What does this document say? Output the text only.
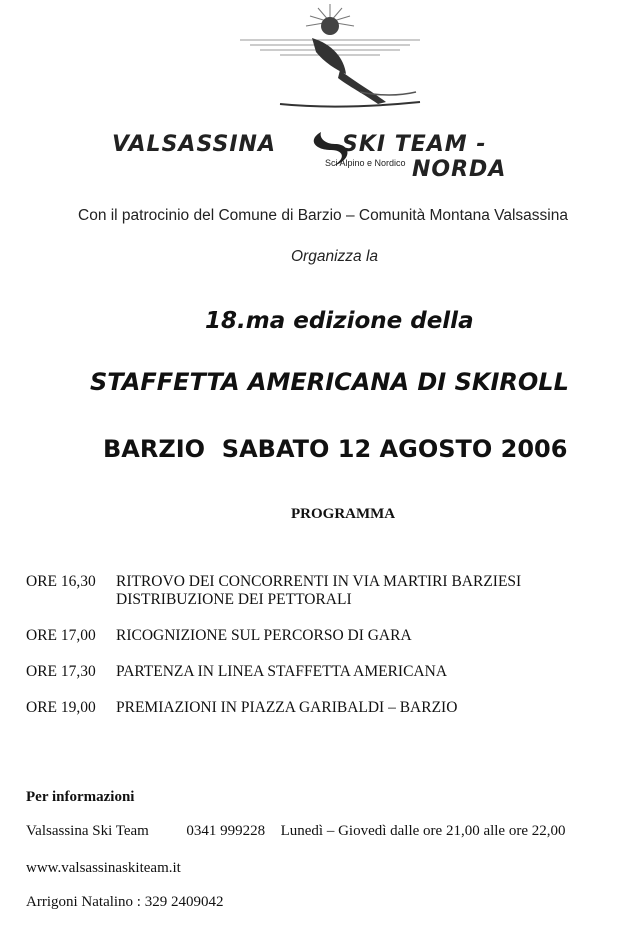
VALSASSINA	SKI TEAM - NORDA
Sci Alpino e Nordico
Con il patrocinio del Comune di Barzio – Comunità Montana Valsassina
Organizza la
18.ma edizione della
STAFFETTA AMERICANA DI SKIROLL
BARZIO  SABATO 12 AGOSTO 2006
PROGRAMMA
ORE 16,30 RITROVO DEI CONCORRENTI IN VIA MARTIRI BARZIESI
DISTRIBUZIONE DEI PETTORALI
ORE 17,00 RICOGNIZIONE SUL PERCORSO DI GARA
ORE 17,30 PARTENZA IN LINEA STAFFETTA AMERICANA
ORE 19,00 PREMIAZIONI IN PIAZZA GARIBALDI – BARZIO
Per informazioni
Valsassina Ski Team	0341 999228 Lunedì – Giovedì dalle ore 21,00 alle ore 22,00
www.valsassinaskiteam.it
Arrigoni Natalino : 329 2409042
